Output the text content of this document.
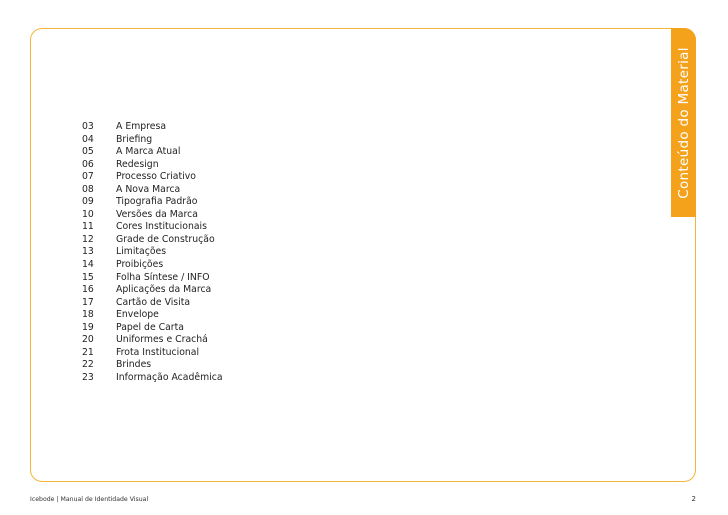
Conteúdo do Material
03	A Empresa
04	Briefing
05	A Marca Atual
06	Redesign
07	Processo Criativo
08	A Nova Marca
09	Tipografia Padrão
10	Versões da Marca
11	Cores Institucionais
12	Grade de Construção
13	Limitações
14	Proibições
15	Folha Síntese / INFO
16	Aplicações da Marca
17	Cartão de Visita
18	Envelope
19	Papel de Carta
20	Uniformes e Crachá
21	Frota Institucional
22	Brindes
23	Informação Acadêmica
Icebode | Manual de Identidade Visual	2
